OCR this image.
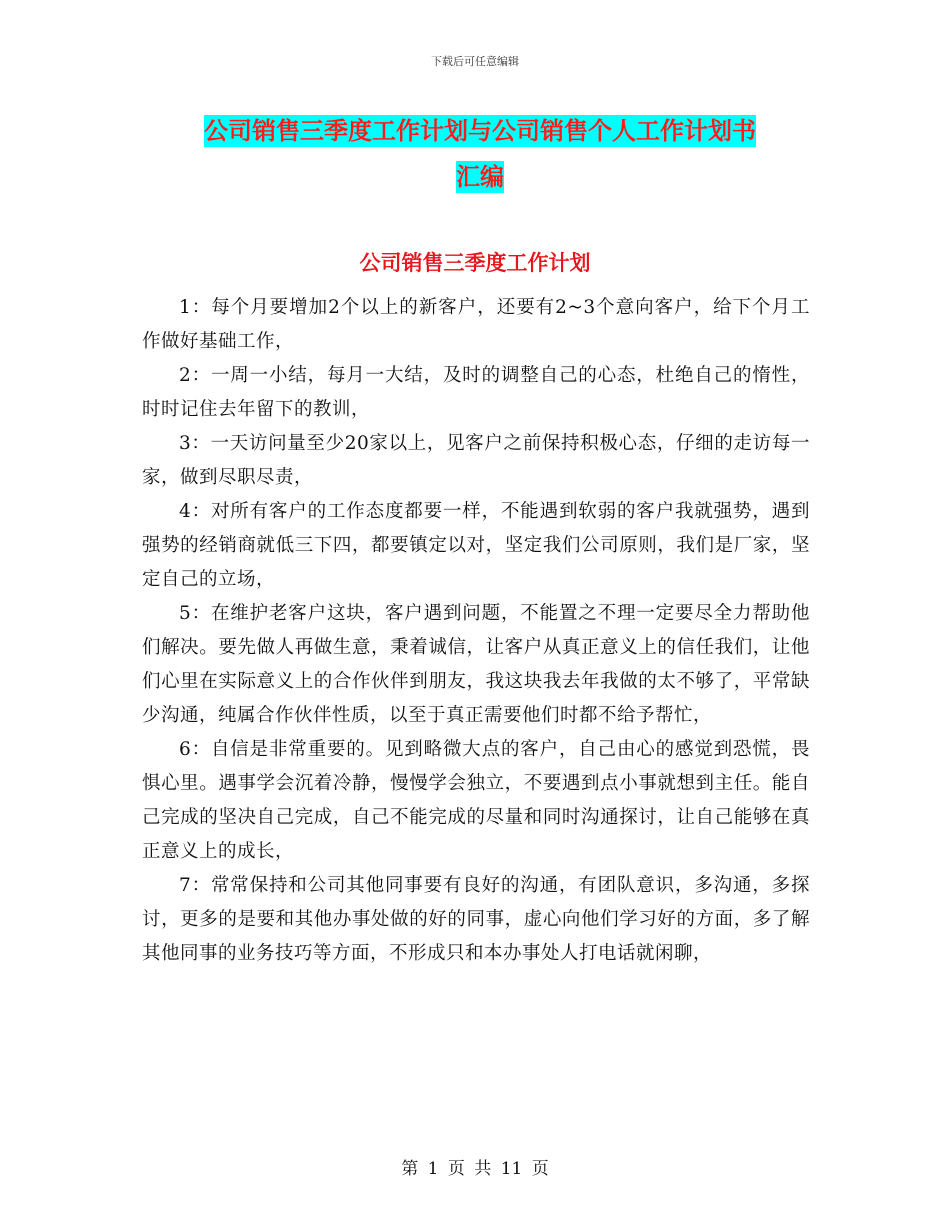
下载后可任意编辑
公司销售三季度工作计划与公司销售个人工作计划书
汇编
公司销售三季度工作计划

1：每个月要增加2个以上的新客户，还要有2~3个意向客户，给下个月工作做好基础工作，

2：一周一小结，每月一大结，及时的调整自己的心态，杜绝自己的惰性，时时记住去年留下的教训，

3：一天访问量至少20家以上，见客户之前保持积极心态，仔细的走访每一家，做到尽职尽责，

4：对所有客户的工作态度都要一样，不能遇到软弱的客户我就强势，遇到强势的经销商就低三下四，都要镇定以对，坚定我们公司原则，我们是厂家，坚定自己的立场，

5：在维护老客户这块，客户遇到问题，不能置之不理一定要尽全力帮助他们解决。要先做人再做生意，秉着诚信，让客户从真正意义上的信任我们，让他们心里在实际意义上的合作伙伴到朋友，我这块我去年我做的太不够了，平常缺少沟通，纯属合作伙伴性质，以至于真正需要他们时都不给予帮忙，

6：自信是非常重要的。见到略微大点的客户，自己由心的感觉到恐慌，畏惧心里。遇事学会沉着冷静，慢慢学会独立，不要遇到点小事就想到主任。能自己完成的坚决自己完成，自己不能完成的尽量和同时沟通探讨，让自己能够在真正意义上的成长，

7：常常保持和公司其他同事要有良好的沟通，有团队意识，多沟通，多探讨，更多的是要和其他办事处做的好的同事，虚心向他们学习好的方面，多了解其他同事的业务技巧等方面，不形成只和本办事处人打电话就闲聊，

第 1 页 共 11 页
